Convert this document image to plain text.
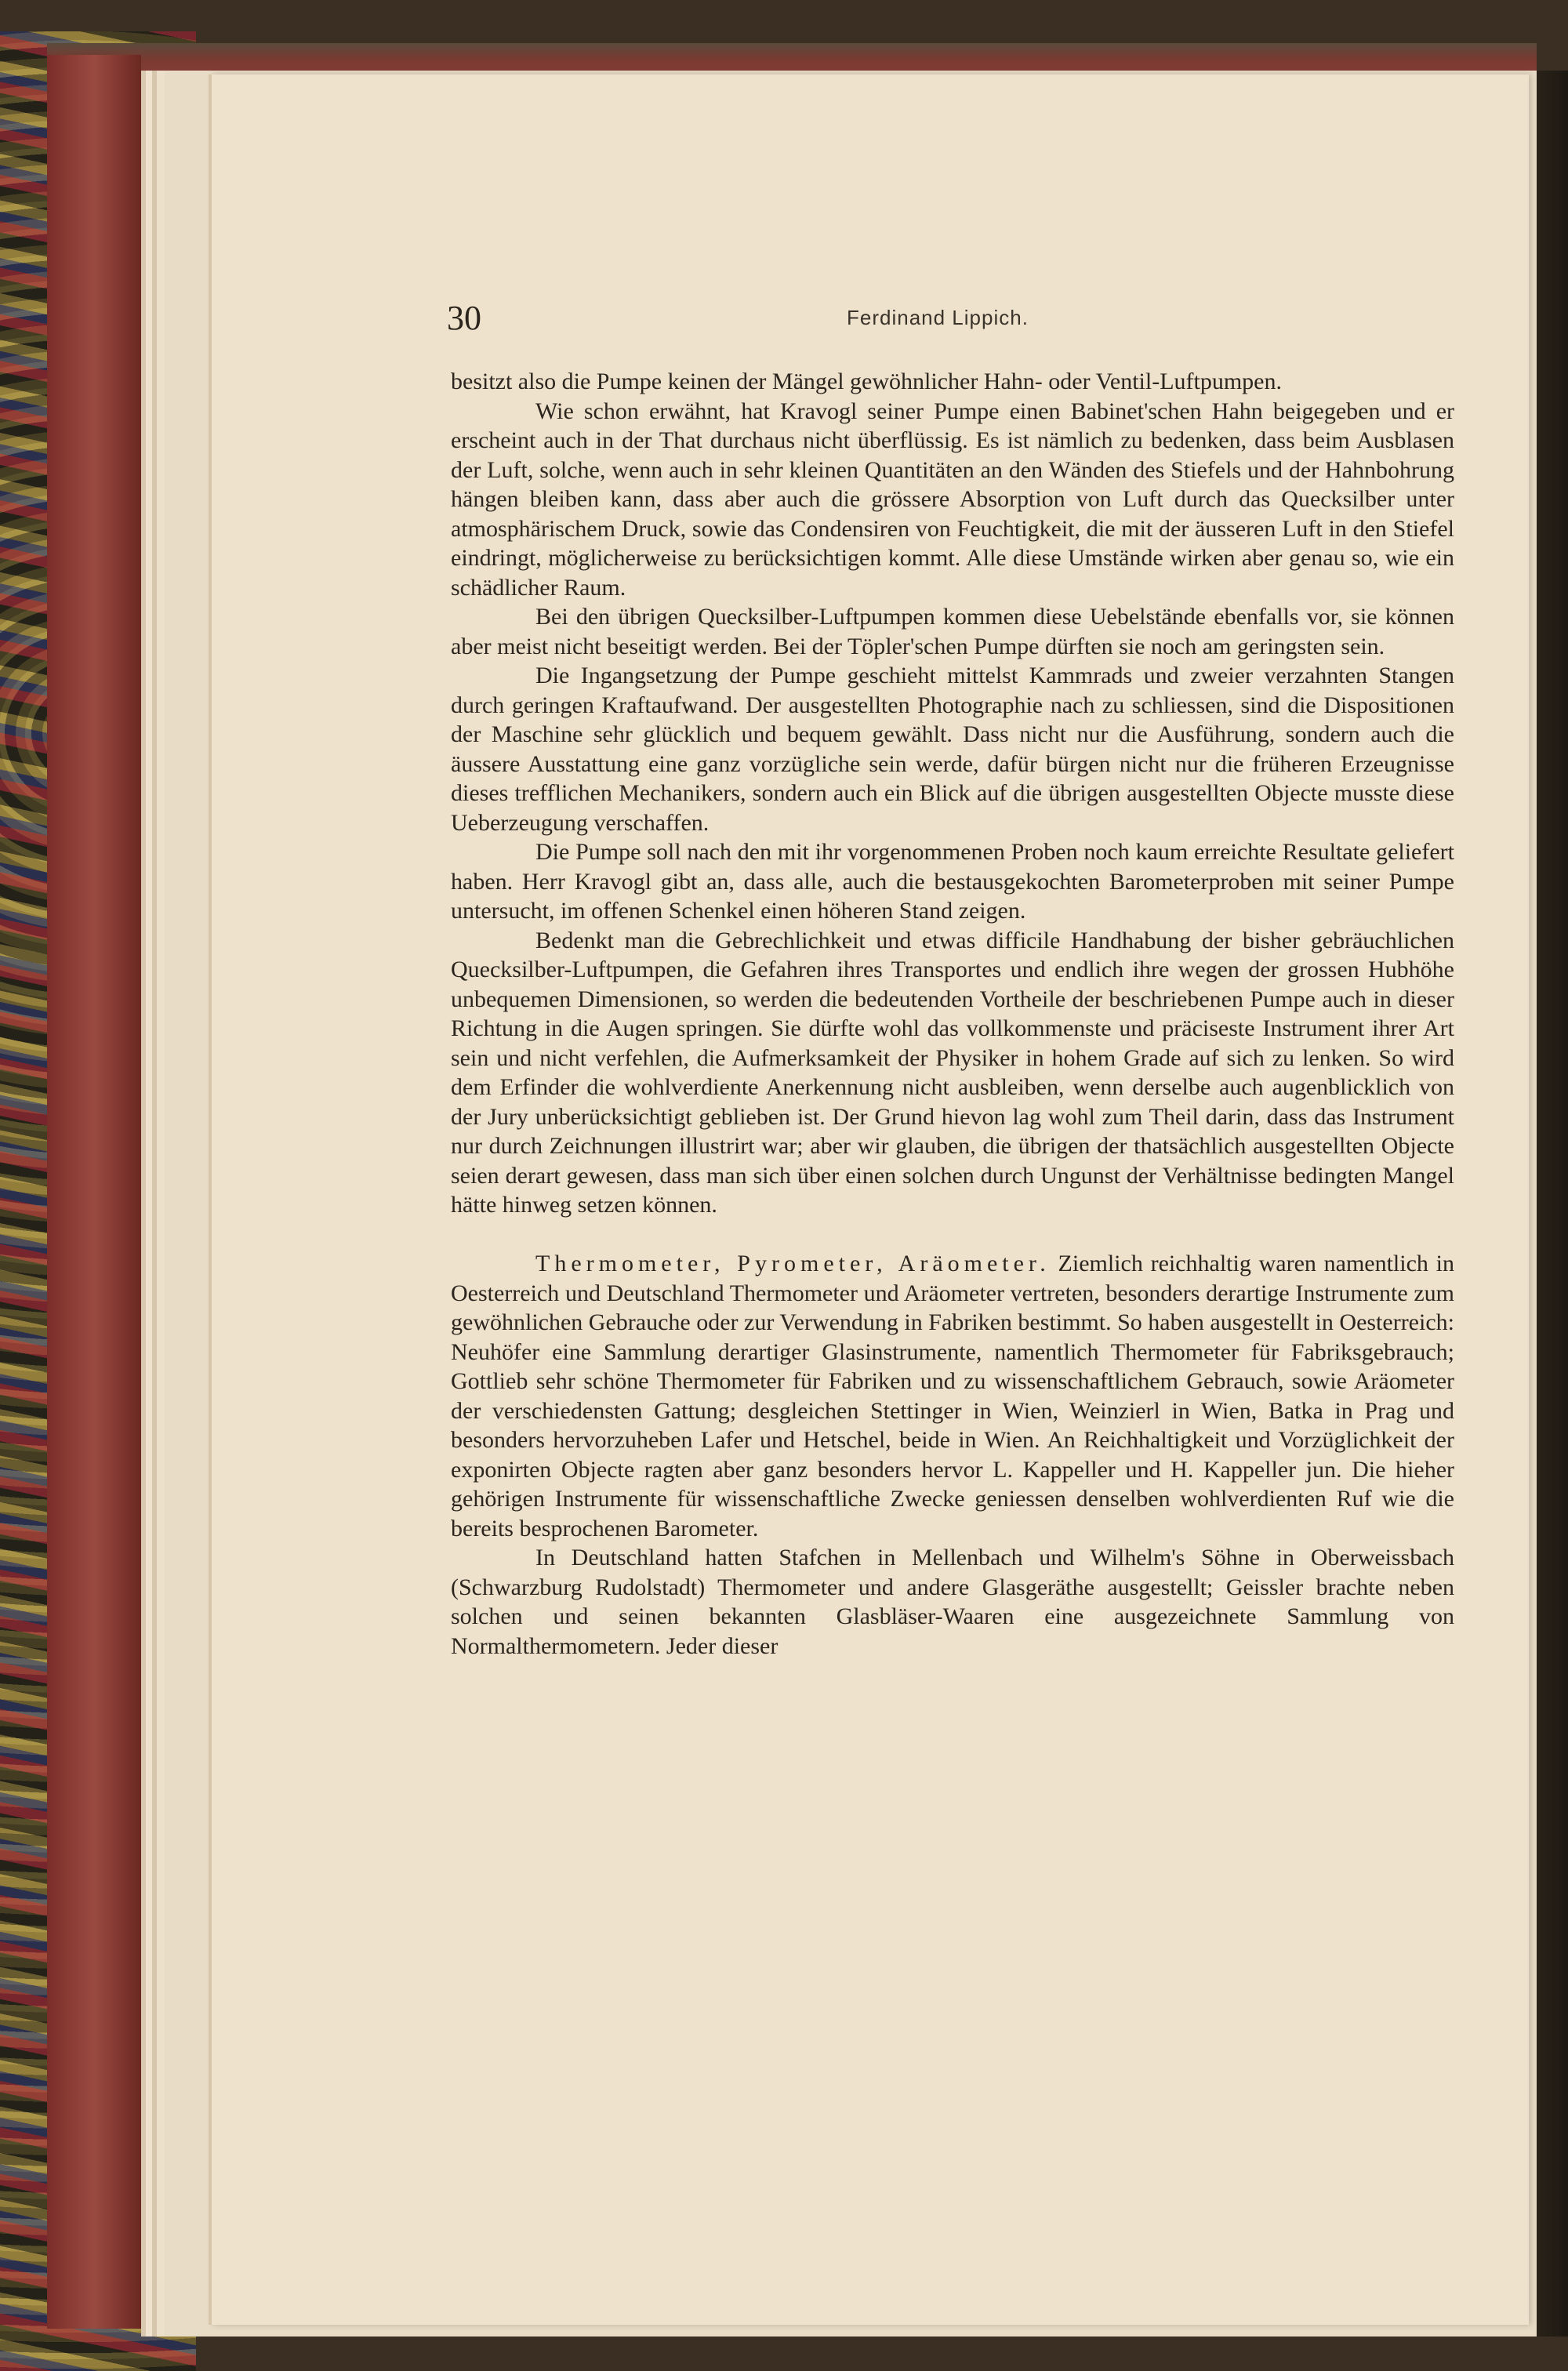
30	Ferdinand Lippich.

besitzt also die Pumpe keinen der Mängel gewöhnlicher Hahn- oder Ventil-Luftpumpen.

Wie schon erwähnt, hat Kravogl seiner Pumpe einen Babinet'schen Hahn beigegeben und er erscheint auch in der That durchaus nicht überflüssig. Es ist nämlich zu bedenken, dass beim Ausblasen der Luft, solche, wenn auch in sehr kleinen Quantitäten an den Wänden des Stiefels und der Hahnbohrung hängen bleiben kann, dass aber auch die grössere Absorption von Luft durch das Quecksilber unter atmosphärischem Druck, sowie das Condensiren von Feuchtigkeit, die mit der äusseren Luft in den Stiefel eindringt, möglicherweise zu berücksichtigen kommt. Alle diese Umstände wirken aber genau so, wie ein schädlicher Raum.

Bei den übrigen Quecksilber-Luftpumpen kommen diese Uebelstände ebenfalls vor, sie können aber meist nicht beseitigt werden. Bei der Töpler'schen Pumpe dürften sie noch am geringsten sein.

Die Ingangsetzung der Pumpe geschieht mittelst Kammrads und zweier verzahnten Stangen durch geringen Kraftaufwand. Der ausgestellten Photographie nach zu schliessen, sind die Dispositionen der Maschine sehr glücklich und bequem gewählt. Dass nicht nur die Ausführung, sondern auch die äussere Ausstattung eine ganz vorzügliche sein werde, dafür bürgen nicht nur die früheren Erzeugnisse dieses trefflichen Mechanikers, sondern auch ein Blick auf die übrigen ausgestellten Objecte musste diese Ueberzeugung verschaffen.

Die Pumpe soll nach den mit ihr vorgenommenen Proben noch kaum erreichte Resultate geliefert haben. Herr Kravogl gibt an, dass alle, auch die bestausgekochten Barometerproben mit seiner Pumpe untersucht, im offenen Schenkel einen höheren Stand zeigen.

Bedenkt man die Gebrechlichkeit und etwas difficile Handhabung der bisher gebräuchlichen Quecksilber-Luftpumpen, die Gefahren ihres Transportes und endlich ihre wegen der grossen Hubhöhe unbequemen Dimensionen, so werden die bedeutenden Vortheile der beschriebenen Pumpe auch in dieser Richtung in die Augen springen. Sie dürfte wohl das vollkommenste und präciseste Instrument ihrer Art sein und nicht verfehlen, die Aufmerksamkeit der Physiker in hohem Grade auf sich zu lenken. So wird dem Erfinder die wohlverdiente Anerkennung nicht ausbleiben, wenn derselbe auch augenblicklich von der Jury unberücksichtigt geblieben ist. Der Grund hievon lag wohl zum Theil darin, dass das Instrument nur durch Zeichnungen illustrirt war; aber wir glauben, die übrigen der thatsächlich ausgestellten Objecte seien derart gewesen, dass man sich über einen solchen durch Ungunst der Verhältnisse bedingten Mangel hätte hinweg setzen können.

Thermometer, Pyrometer, Aräometer. Ziemlich reichhaltig waren namentlich in Oesterreich und Deutschland Thermometer und Aräometer vertreten, besonders derartige Instrumente zum gewöhnlichen Gebrauche oder zur Verwendung in Fabriken bestimmt. So haben ausgestellt in Oesterreich: Neuhöfer eine Sammlung derartiger Glasinstrumente, namentlich Thermometer für Fabriksgebrauch; Gottlieb sehr schöne Thermometer für Fabriken und zu wissenschaftlichem Gebrauch, sowie Aräometer der verschiedensten Gattung; desgleichen Stettinger in Wien, Weinzierl in Wien, Batka in Prag und besonders hervorzuheben Lafer und Hetschel, beide in Wien. An Reichhaltigkeit und Vorzüglichkeit der exponirten Objecte ragten aber ganz besonders hervor L. Kappeller und H. Kappeller jun. Die hieher gehörigen Instrumente für wissenschaftliche Zwecke geniessen denselben wohlverdienten Ruf wie die bereits besprochenen Barometer.

In Deutschland hatten Stafchen in Mellenbach und Wilhelm's Söhne in Oberweissbach (Schwarzburg Rudolstadt) Thermometer und andere Glasgeräthe ausgestellt; Geissler brachte neben solchen und seinen bekannten Glasbläser-Waaren eine ausgezeichnete Sammlung von Normalthermometern. Jeder dieser
